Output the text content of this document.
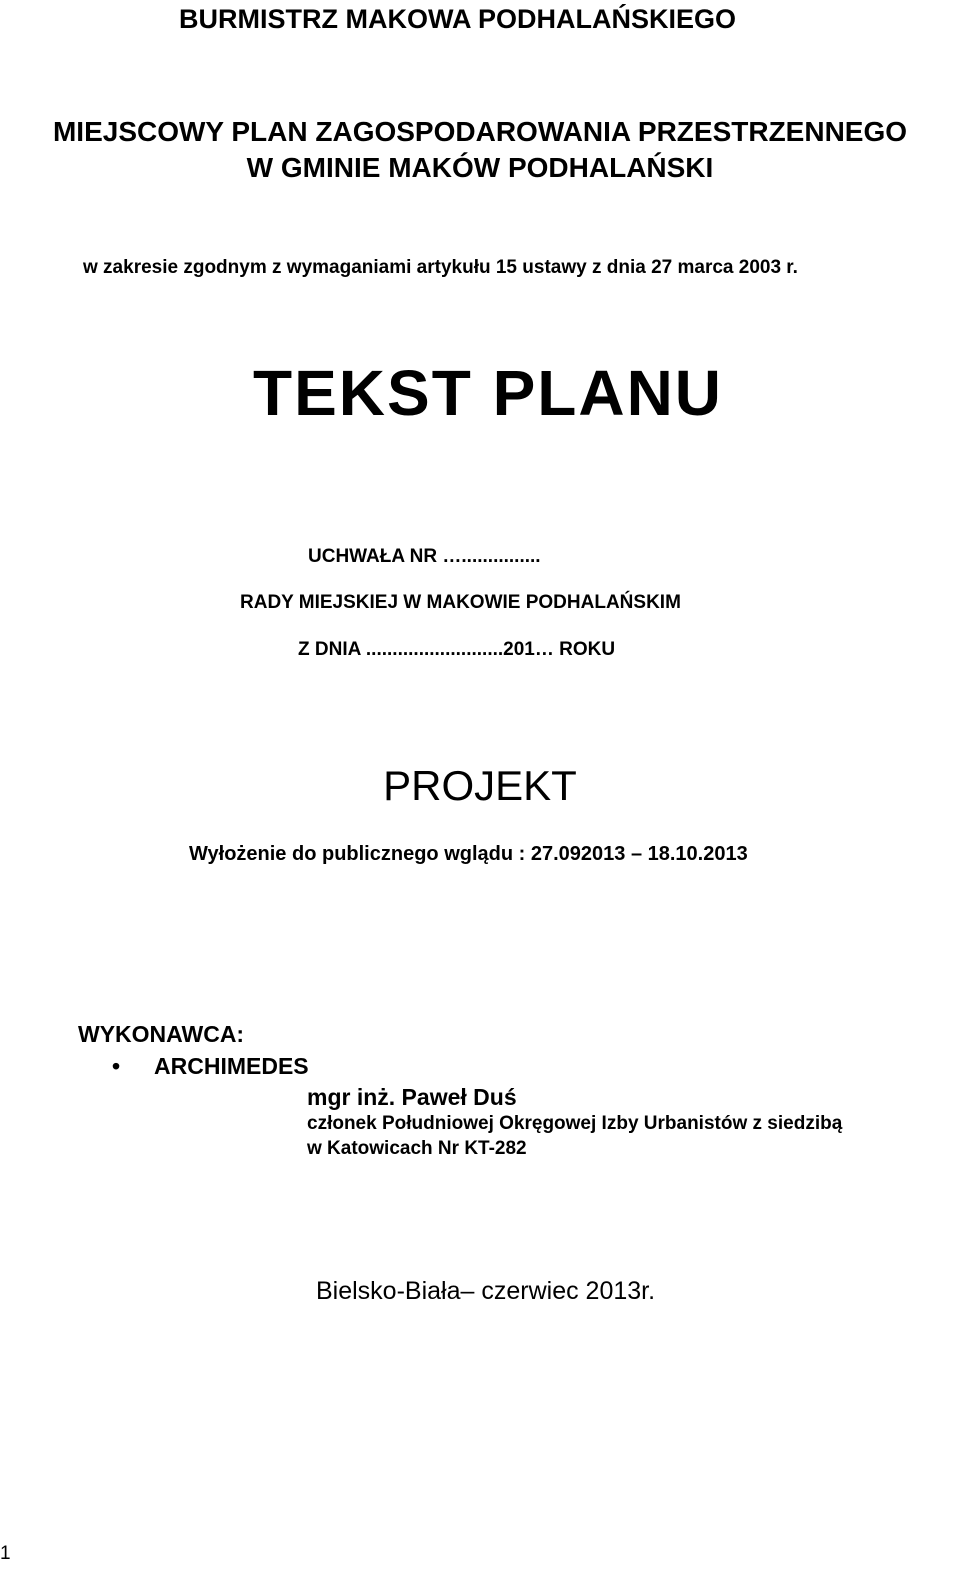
BURMISTRZ MAKOWA PODHALAŃSKIEGO

MIEJSCOWY PLAN ZAGOSPODAROWANIA PRZESTRZENNEGO

W GMINIE MAKÓW PODHALAŃSKI

w zakresie zgodnym z wymaganiami artykułu 15 ustawy z dnia 27 marca 2003 r.

TEKST PLANU

UCHWAŁA NR …...............

RADY MIEJSKIEJ W MAKOWIE PODHALAŃSKIM

Z DNIA ..........................201… ROKU

PROJEKT

Wyłożenie do publicznego wglądu : 27.092013 – 18.10.2013

WYKONAWCA:

• ARCHIMEDES

mgr inż. Paweł Duś

członek Południowej Okręgowej Izby Urbanistów z siedzibą

w Katowicach Nr KT-282

Bielsko-Biała– czerwiec 2013r.

1
